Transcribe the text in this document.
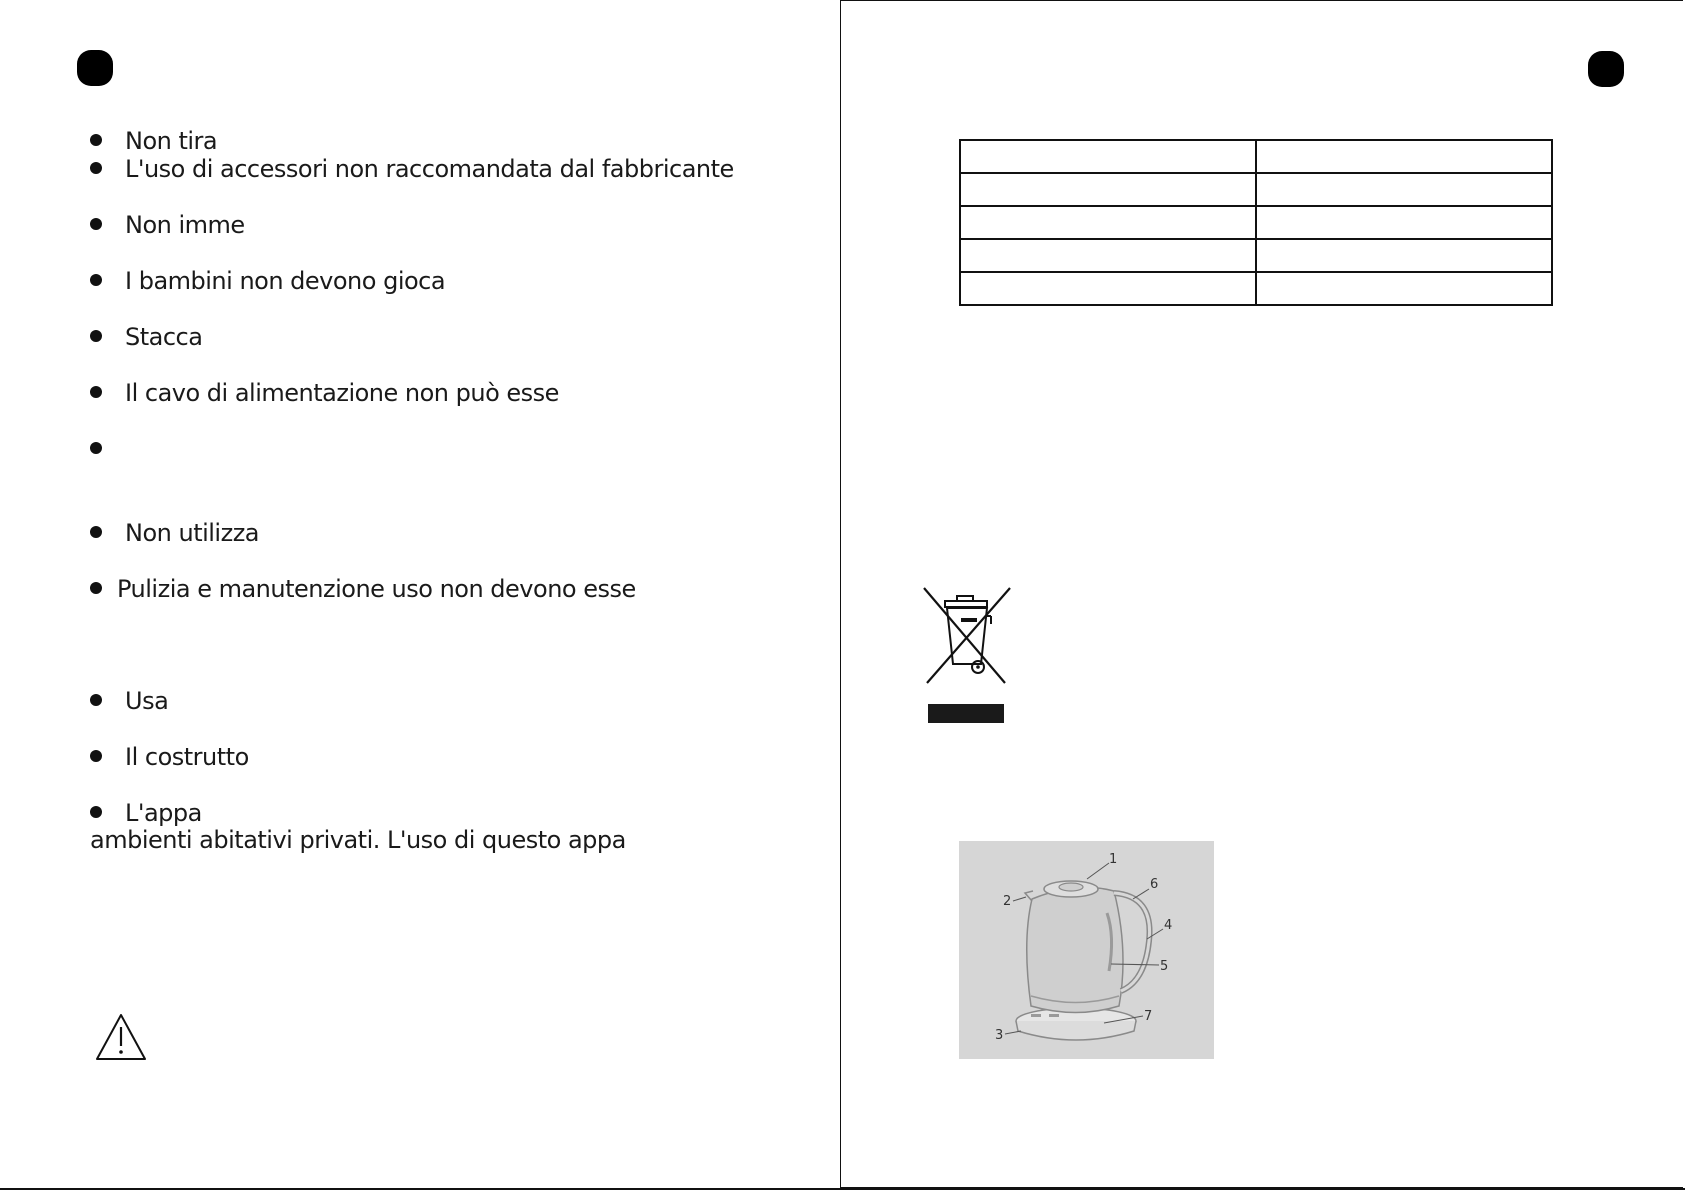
Non tira
L'uso di accessori non raccomandata dal fabbricante
Non imme
I bambini non devono gioca
Stacca
Il cavo di alimentazione non può esse
Non utilizza
Pulizia e manutenzione uso non devono esse
Usa
Il costrutto
L'appa
ambienti abitativi privati. L'uso di questo appa

1
2
3
4
5
6
7
